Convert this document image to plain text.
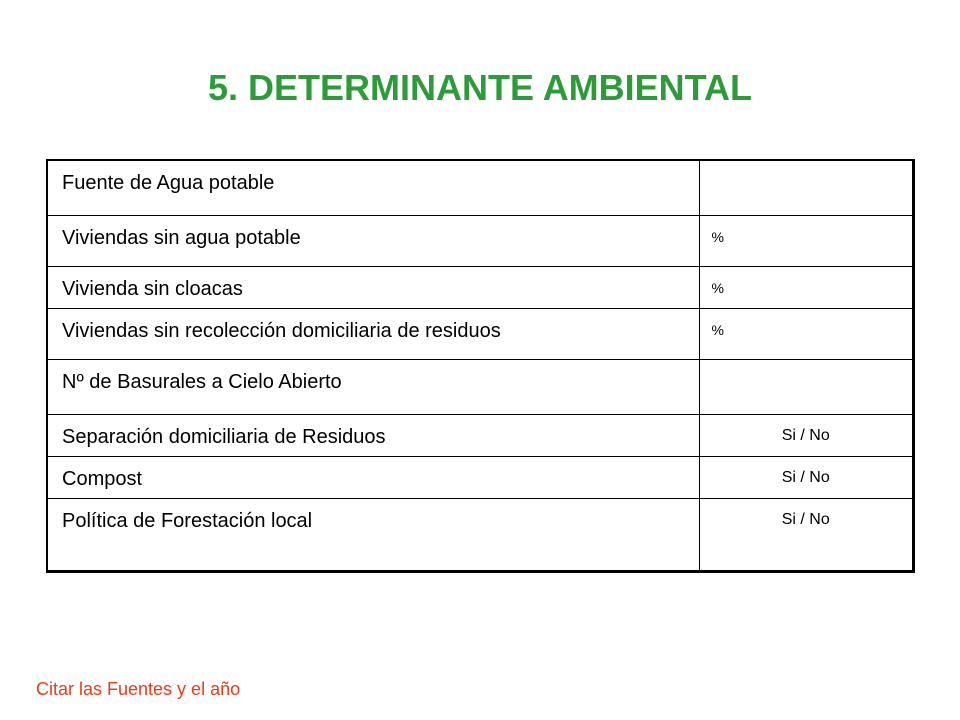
5. DETERMINANTE AMBIENTAL
Fuente de Agua potable	
Viviendas sin agua potable	%
Vivienda sin cloacas	%
Viviendas sin recolección domiciliaria de residuos	%
Nº de Basurales a Cielo Abierto	
Separación domiciliaria de Residuos	Si / No
Compost	Si / No
Política de Forestación local	Si / No
Citar las Fuentes y el año
